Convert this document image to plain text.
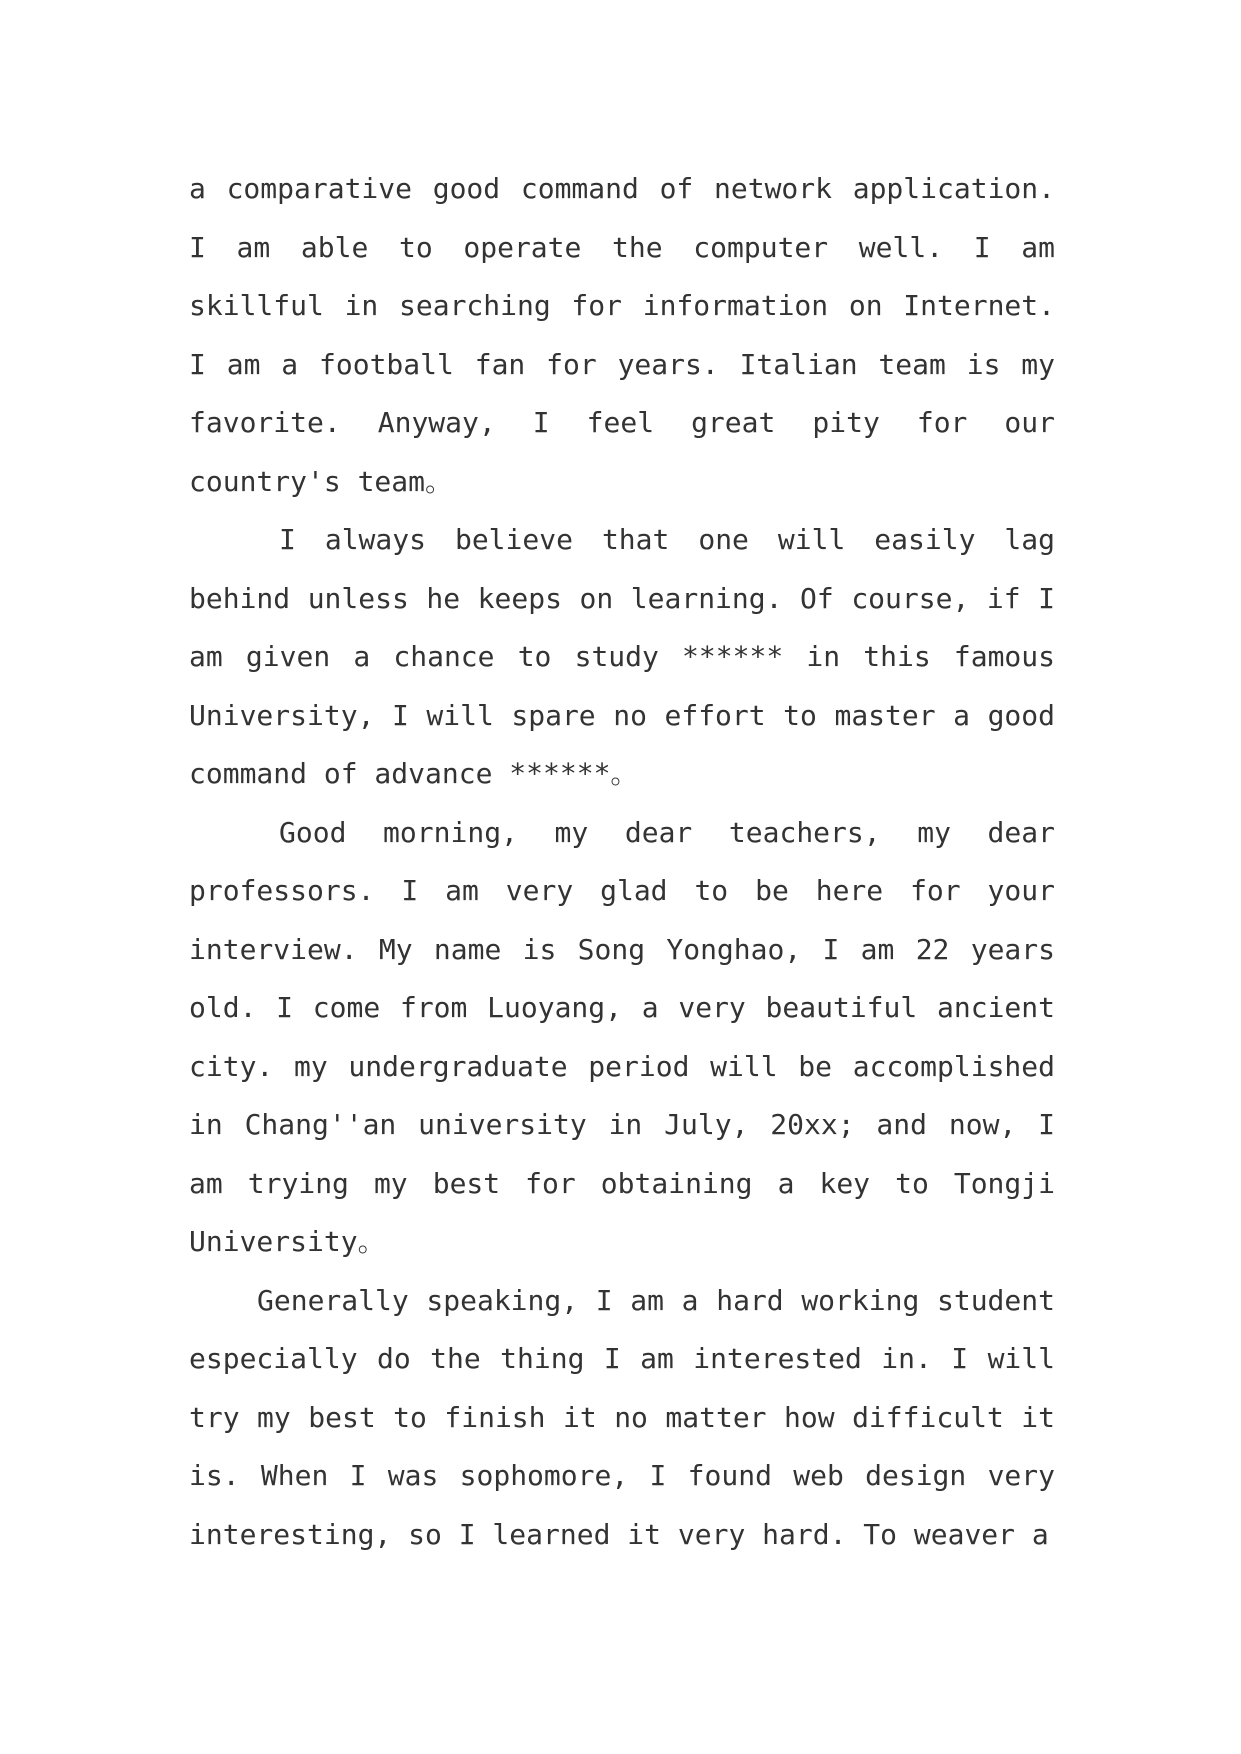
a comparative good command of network application. I am able to operate the computer well. I am skillful in searching for information on Internet. I am a football fan for years. Italian team is my favorite. Anyway, I feel great pity for our country's team。

I always believe that one will easily lag behind unless he keeps on learning. Of course, if I am given a chance to study ****** in this famous University, I will spare no effort to master a good command of advance ******。

Good morning, my dear teachers, my dear professors. I am very glad to be here for your interview. My name is Song Yonghao, I am 22 years old. I come from Luoyang, a very beautiful ancient city. my undergraduate period will be accomplished in Chang''an university in July, 20xx; and now, I am trying my best for obtaining a key to Tongji University。

Generally speaking, I am a hard working student especially do the thing I am interested in. I will try my best to finish it no matter how difficult it is. When I was sophomore, I found web design very interesting, so I learned it very hard. To weaver a
